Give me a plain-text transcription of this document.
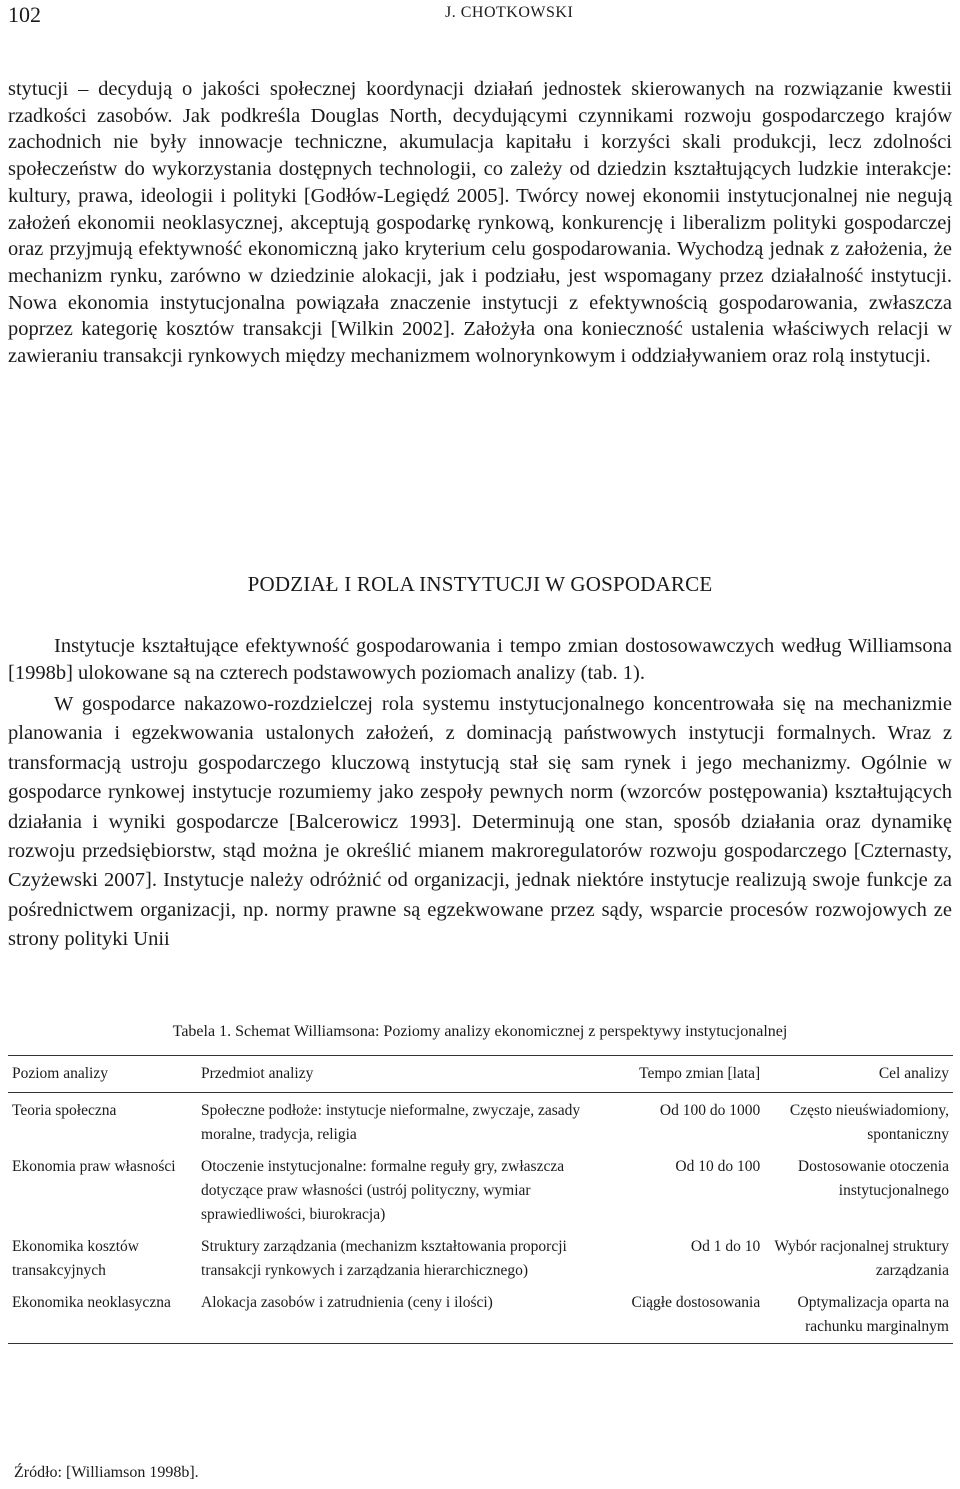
102	J. CHOTKOWSKI

stytucji – decydują o jakości społecznej koordynacji działań jednostek skierowanych na rozwiązanie kwestii rzadkości zasobów. Jak podkreśla Douglas North, decydującymi czynnikami rozwoju gospodarczego krajów zachodnich nie były innowacje techniczne, akumulacja kapitału i korzyści skali produkcji, lecz zdolności społeczeństw do wykorzystania dostępnych technologii, co zależy od dziedzin kształtujących ludzkie interakcje: kultury, prawa, ideologii i polityki [Godłów-Legiędź 2005]. Twórcy nowej ekonomii instytucjonalnej nie negują założeń ekonomii neoklasycznej, akceptują gospodarkę rynkową, konkurencję i liberalizm polityki gospodarczej oraz przyjmują efektywność ekonomiczną jako kryterium celu gospodarowania. Wychodzą jednak z założenia, że mechanizm rynku, zarówno w dziedzinie alokacji, jak i podziału, jest wspomagany przez działalność instytucji. Nowa ekonomia instytucjonalna powiązała znaczenie instytucji z efektywnością gospodarowania, zwłaszcza poprzez kategorię kosztów transakcji [Wilkin 2002]. Założyła ona konieczność ustalenia właściwych relacji w zawieraniu transakcji rynkowych między mechanizmem wolnorynkowym i oddziaływaniem oraz rolą instytucji.

PODZIAŁ I ROLA INSTYTUCJI W GOSPODARCE

Instytucje kształtujące efektywność gospodarowania i tempo zmian dostosowawczych według Williamsona [1998b] ulokowane są na czterech podstawowych poziomach analizy (tab. 1).

W gospodarce nakazowo-rozdzielczej rola systemu instytucjonalnego koncentrowała się na mechanizmie planowania i egzekwowania ustalonych założeń, z dominacją państwowych instytucji formalnych. Wraz z transformacją ustroju gospodarczego kluczową instytucją stał się sam rynek i jego mechanizmy. Ogólnie w gospodarce rynkowej instytucje rozumiemy jako zespoły pewnych norm (wzorców postępowania) kształtujących działania i wyniki gospodarcze [Balcerowicz 1993]. Determinują one stan, sposób działania oraz dynamikę rozwoju przedsiębiorstw, stąd można je określić mianem makroregulatorów rozwoju gospodarczego [Czternasty, Czyżewski 2007]. Instytucje należy odróżnić od organizacji, jednak niektóre instytucje realizują swoje funkcje za pośrednictwem organizacji, np. normy prawne są egzekwowane przez sądy, wsparcie procesów rozwojowych ze strony polityki Unii

Tabela 1. Schemat Williamsona: Poziomy analizy ekonomicznej z perspektywy instytucjonalnej

Poziom analizy	Przedmiot analizy	Tempo zmian [lata]	Cel analizy
Teoria społeczna	Społeczne podłoże: instytucje nieformalne, zwyczaje, zasady moralne, tradycja, religia	Od 100 do 1000	Często nieuświadomiony, spontaniczny
Ekonomia praw własności	Otoczenie instytucjonalne: formalne reguły gry, zwłaszcza dotyczące praw własności (ustrój polityczny, wymiar sprawiedliwości, biurokracja)	Od 10 do 100	Dostosowanie otoczenia instytucjonalnego
Ekonomika kosztów transakcyjnych	Struktury zarządzania (mechanizm kształtowania proporcji transakcji rynkowych i zarządzania hierarchicznego)	Od 1 do 10	Wybór racjonalnej struktury zarządzania
Ekonomika neoklasyczna	Alokacja zasobów i zatrudnienia (ceny i ilości)	Ciągłe dostosowania	Optymalizacja oparta na rachunku marginalnym

Źródło: [Williamson 1998b].
